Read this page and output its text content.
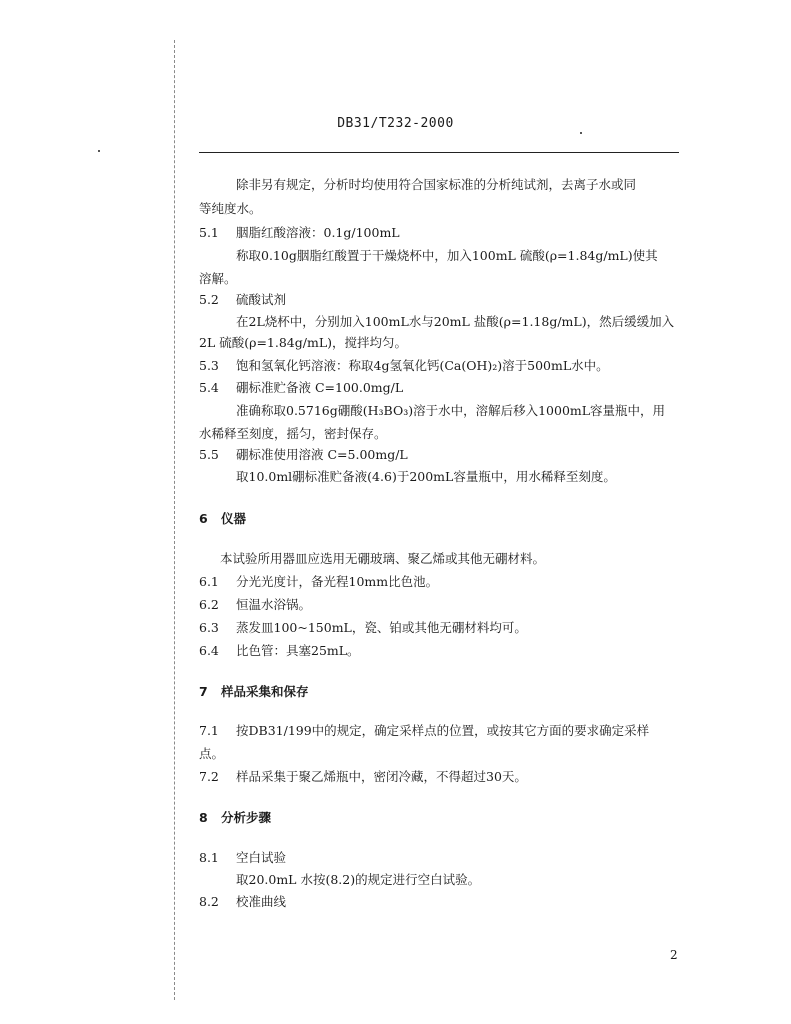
DB31/T232-2000
除非另有规定，分析时均使用符合国家标准的分析纯试剂，去离子水或同
等纯度水。
5.1 胭脂红酸溶液：0.1g/100mL
称取0.10g胭脂红酸置于干燥烧杯中，加入100mL 硫酸(ρ=1.84g/mL)使其
溶解。
5.2 硫酸试剂
在2L烧杯中，分别加入100mL水与20mL 盐酸(ρ=1.18g/mL)，然后缓缓加入
2L 硫酸(ρ=1.84g/mL)，搅拌均匀。
5.3 饱和氢氧化钙溶液：称取4g氢氧化钙(Ca(OH)₂)溶于500mL水中。
5.4 硼标准贮备液 C=100.0mg/L
准确称取0.5716g硼酸(H₃BO₃)溶于水中，溶解后移入1000mL容量瓶中，用
水稀释至刻度，摇匀，密封保存。
5.5 硼标准使用溶液 C=5.00mg/L
取10.0ml硼标准贮备液(4.6)于200mL容量瓶中，用水稀释至刻度。
6 仪器
本试验所用器皿应选用无硼玻璃、聚乙烯或其他无硼材料。
6.1 分光光度计，备光程10mm比色池。
6.2 恒温水浴锅。
6.3 蒸发皿100~150mL，瓷、铂或其他无硼材料均可。
6.4 比色管：具塞25mL。
7 样品采集和保存
7.1 按DB31/199中的规定，确定采样点的位置，或按其它方面的要求确定采样
点。
7.2 样品采集于聚乙烯瓶中，密闭冷藏，不得超过30天。
8 分析步骤
8.1 空白试验
取20.0mL 水按(8.2)的规定进行空白试验。
8.2 校准曲线
2
